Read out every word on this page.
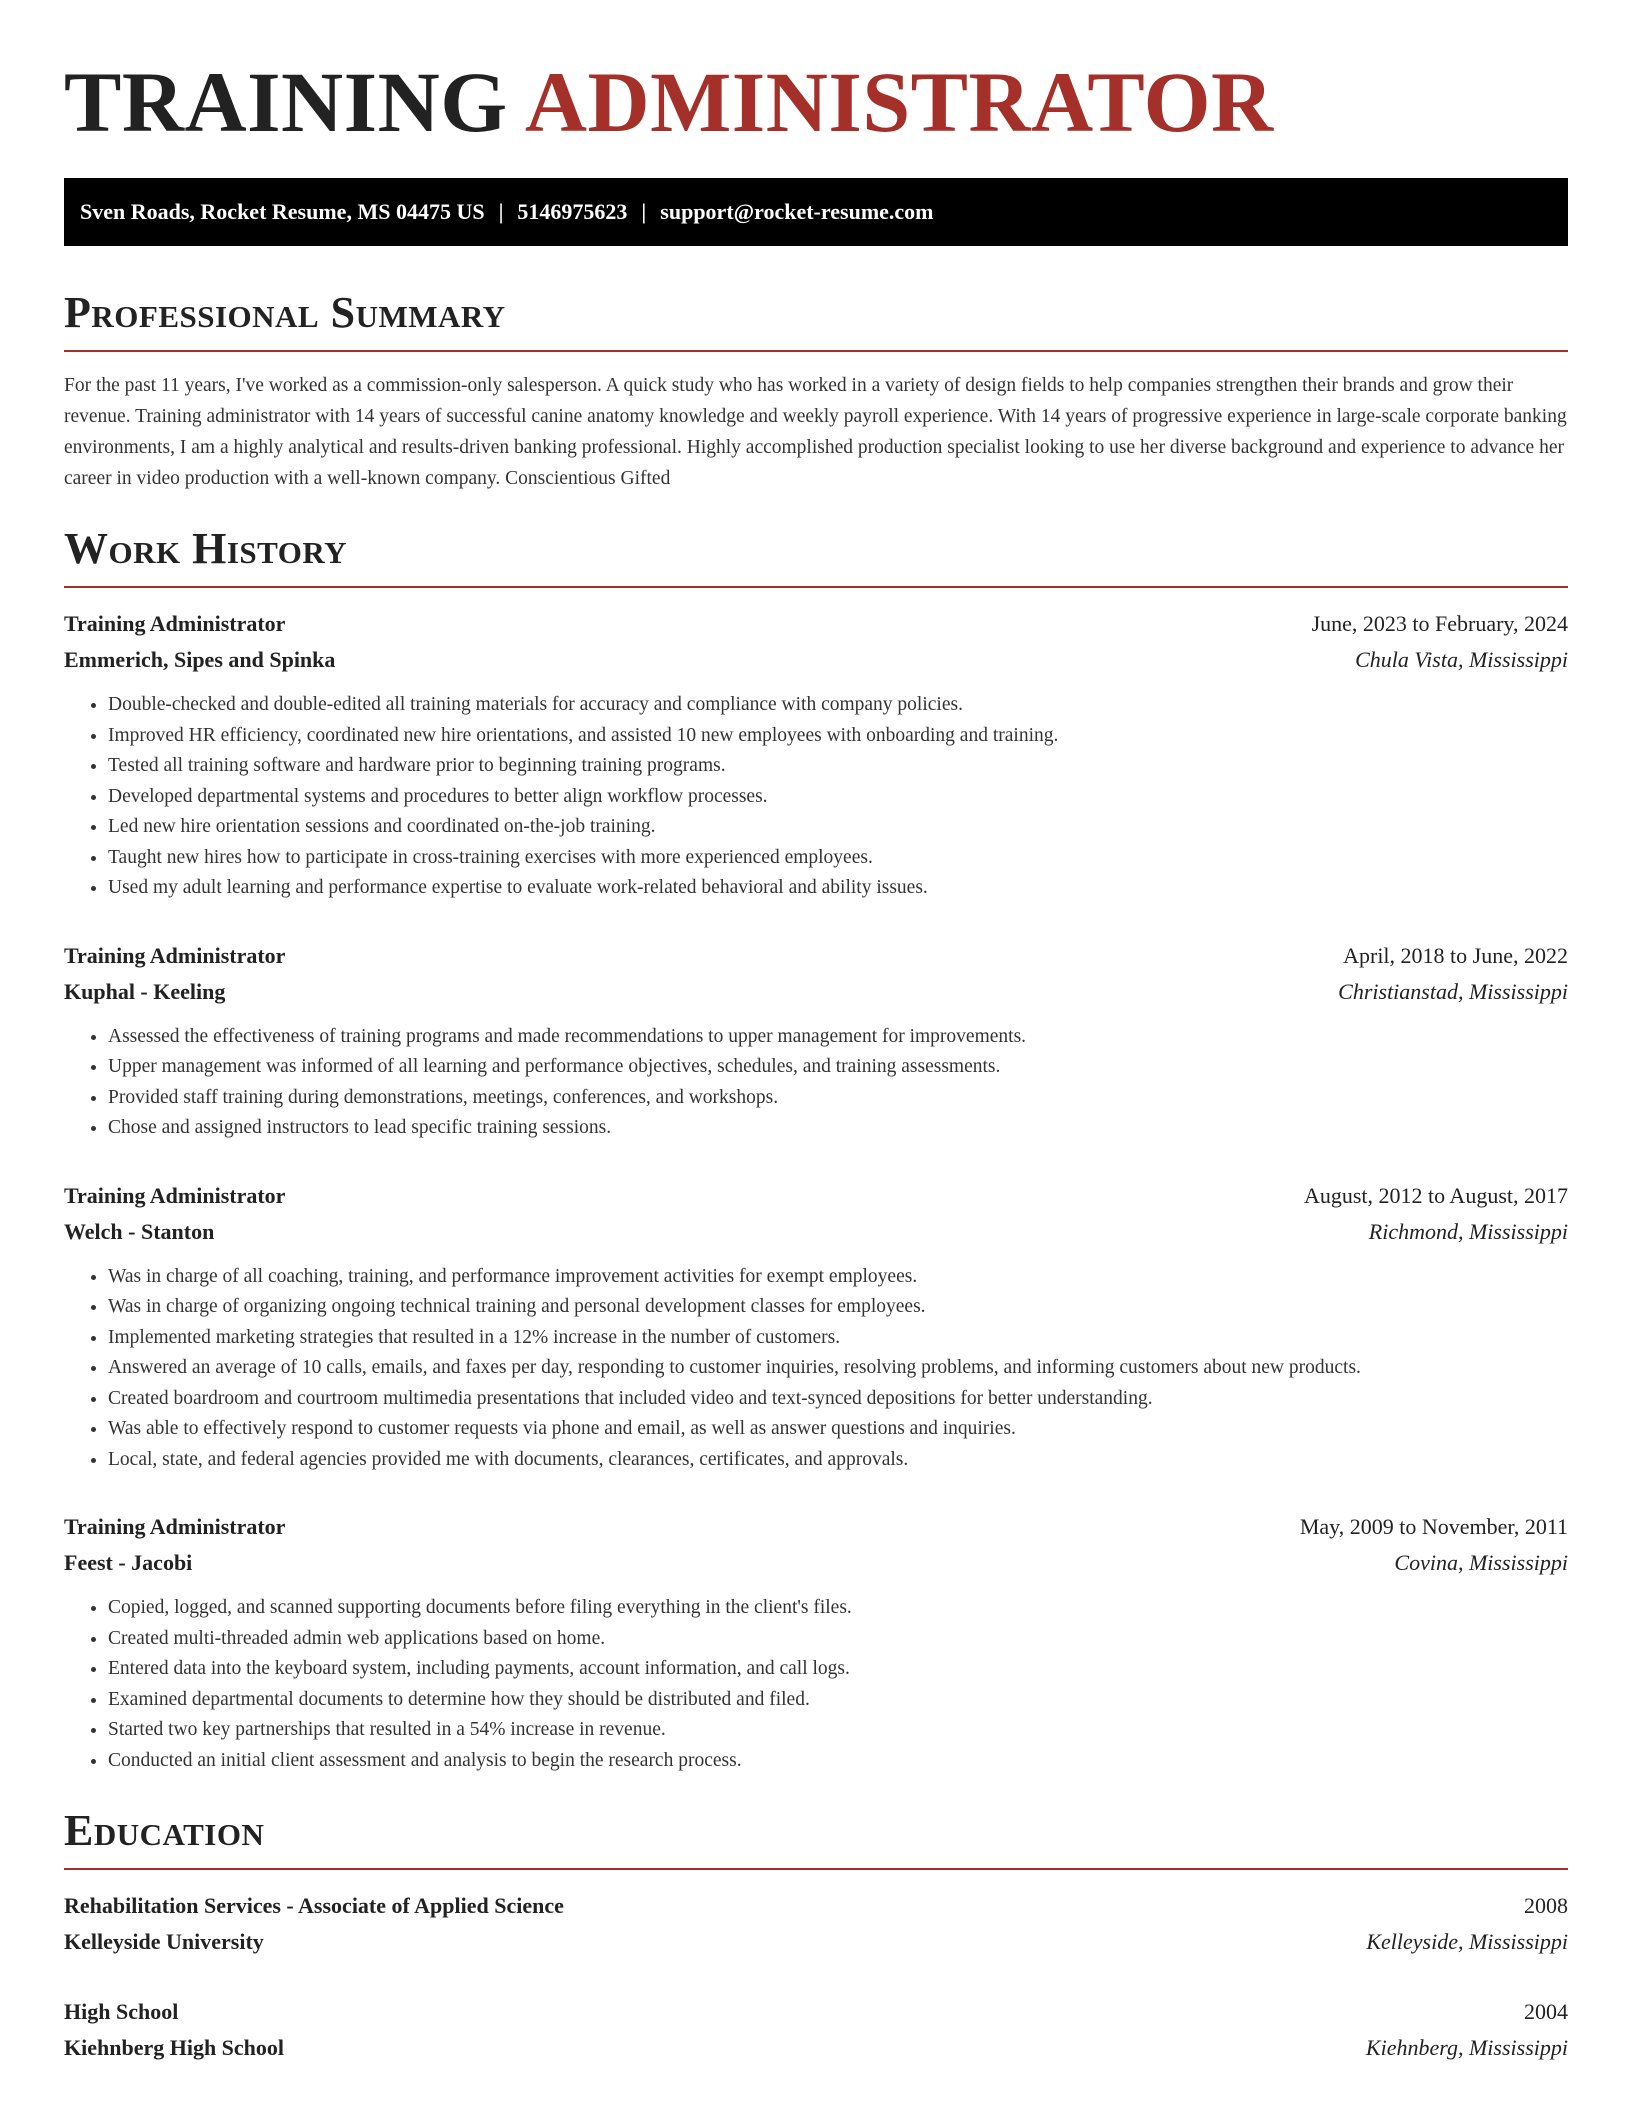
TRAINING ADMINISTRATOR
Sven Roads, Rocket Resume, MS 04475 US | 5146975623 | support@rocket-resume.com
Professional Summary

For the past 11 years, I've worked as a commission-only salesperson. A quick study who has worked in a variety of design fields to help companies strengthen their brands and grow their revenue. Training administrator with 14 years of successful canine anatomy knowledge and weekly payroll experience. With 14 years of progressive experience in large-scale corporate banking environments, I am a highly analytical and results-driven banking professional. Highly accomplished production specialist looking to use her diverse background and experience to advance her career in video production with a well-known company. Conscientious Gifted

Work History
Training Administrator	June, 2023 to February, 2024
Emmerich, Sipes and Spinka	Chula Vista, Mississippi
• Double-checked and double-edited all training materials for accuracy and compliance with company policies.
• Improved HR efficiency, coordinated new hire orientations, and assisted 10 new employees with onboarding and training.
• Tested all training software and hardware prior to beginning training programs.
• Developed departmental systems and procedures to better align workflow processes.
• Led new hire orientation sessions and coordinated on-the-job training.
• Taught new hires how to participate in cross-training exercises with more experienced employees.
• Used my adult learning and performance expertise to evaluate work-related behavioral and ability issues.
Training Administrator	April, 2018 to June, 2022
Kuphal - Keeling	Christianstad, Mississippi
• Assessed the effectiveness of training programs and made recommendations to upper management for improvements.
• Upper management was informed of all learning and performance objectives, schedules, and training assessments.
• Provided staff training during demonstrations, meetings, conferences, and workshops.
• Chose and assigned instructors to lead specific training sessions.
Training Administrator	August, 2012 to August, 2017
Welch - Stanton	Richmond, Mississippi
• Was in charge of all coaching, training, and performance improvement activities for exempt employees.
• Was in charge of organizing ongoing technical training and personal development classes for employees.
• Implemented marketing strategies that resulted in a 12% increase in the number of customers.
• Answered an average of 10 calls, emails, and faxes per day, responding to customer inquiries, resolving problems, and informing customers about new products.
• Created boardroom and courtroom multimedia presentations that included video and text-synced depositions for better understanding.
• Was able to effectively respond to customer requests via phone and email, as well as answer questions and inquiries.
• Local, state, and federal agencies provided me with documents, clearances, certificates, and approvals.
Training Administrator	May, 2009 to November, 2011
Feest - Jacobi	Covina, Mississippi
• Copied, logged, and scanned supporting documents before filing everything in the client's files.
• Created multi-threaded admin web applications based on home.
• Entered data into the keyboard system, including payments, account information, and call logs.
• Examined departmental documents to determine how they should be distributed and filed.
• Started two key partnerships that resulted in a 54% increase in revenue.
• Conducted an initial client assessment and analysis to begin the research process.
Education
Rehabilitation Services - Associate of Applied Science	2008
Kelleyside University	Kelleyside, Mississippi
High School	2004
Kiehnberg High School	Kiehnberg, Mississippi
